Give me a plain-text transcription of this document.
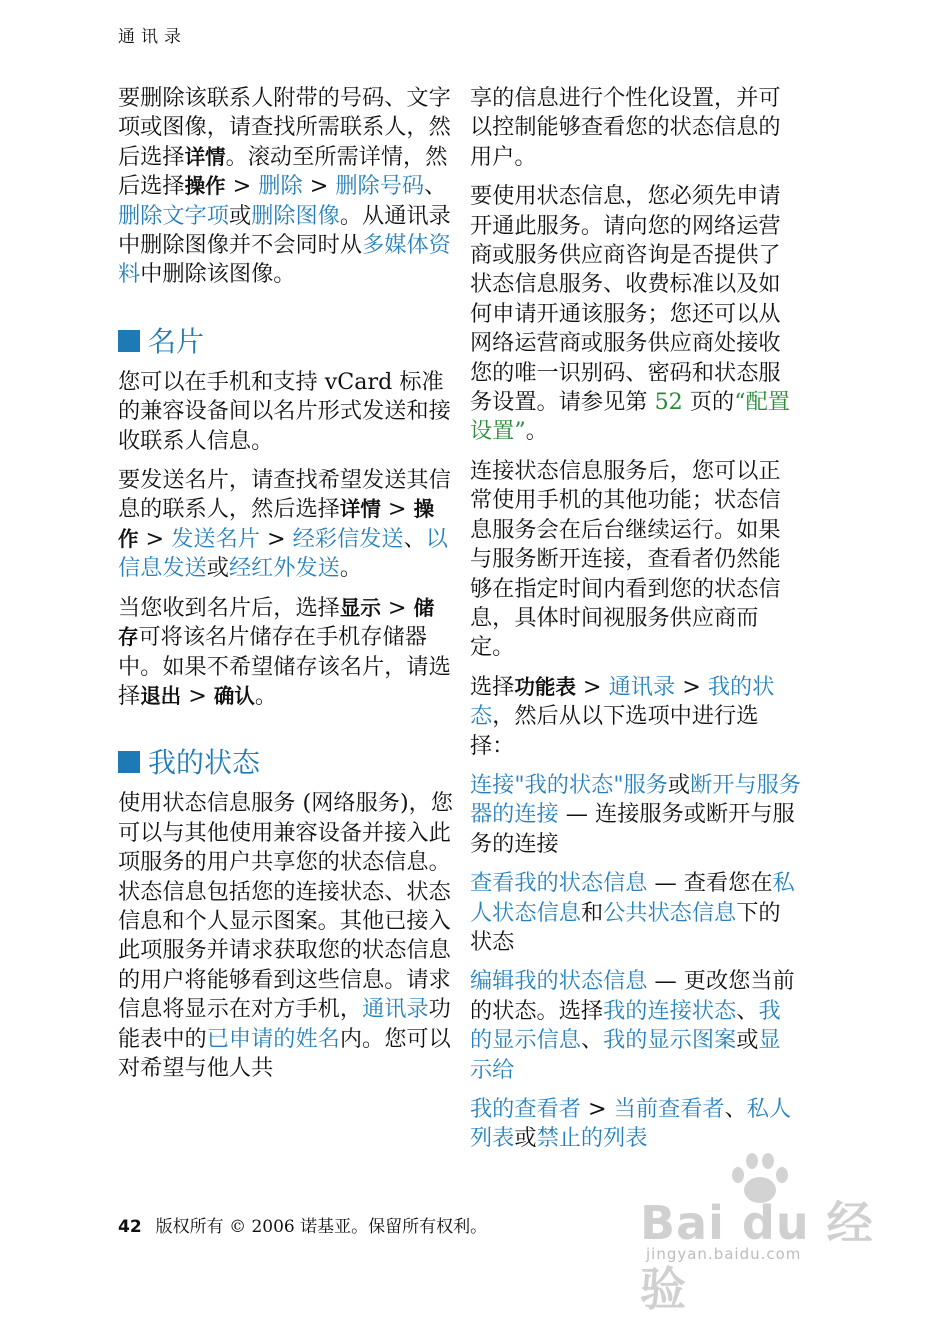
通讯录

要删除该联系人附带的号码、文字项或图像，请查找所需联系人，然后选择详情。滚动至所需详情，然后选择操作 > 删除 > 删除号码、删除文字项或删除图像。从通讯录中删除图像并不会同时从多媒体资料中删除该图像。

名片

您可以在手机和支持 vCard 标准的兼容设备间以名片形式发送和接收联系人信息。

要发送名片，请查找希望发送其信息的联系人，然后选择详情 > 操作 > 发送名片 > 经彩信发送、以信息发送或经红外发送。

当您收到名片后，选择显示 > 储存可将该名片储存在手机存储器中。如果不希望储存该名片，请选择退出 > 确认。

我的状态

使用状态信息服务 (网络服务)，您可以与其他使用兼容设备并接入此项服务的用户共享您的状态信息。状态信息包括您的连接状态、状态信息和个人显示图案。其他已接入此项服务并请求获取您的状态信息的用户将能够看到这些信息。请求信息将显示在对方手机，通讯录功能表中的已申请的姓名内。您可以对希望与他人共

享的信息进行个性化设置，并可以控制能够查看您的状态信息的用户。

要使用状态信息，您必须先申请开通此服务。请向您的网络运营商或服务供应商咨询是否提供了状态信息服务、收费标准以及如何申请开通该服务；您还可以从网络运营商或服务供应商处接收您的唯一识别码、密码和状态服务设置。请参见第 52 页的“配置设置”。

连接状态信息服务后，您可以正常使用手机的其他功能；状态信息服务会在后台继续运行。如果与服务断开连接，查看者仍然能够在指定时间内看到您的状态信息，具体时间视服务供应商而定。

选择功能表 > 通讯录 > 我的状态，然后从以下选项中进行选择：

连接"我的状态"服务或断开与服务器的连接 — 连接服务或断开与服务的连接

查看我的状态信息 — 查看您在私人状态信息和公共状态信息下的状态

编辑我的状态信息 — 更改您当前的状态。选择我的连接状态、我的显示信息、我的显示图案或显示给

我的查看者 > 当前查看者、私人列表或禁止的列表

42 版权所有 © 2006 诺基亚。保留所有权利。	Bai du 经验
jingyan.baidu.com
